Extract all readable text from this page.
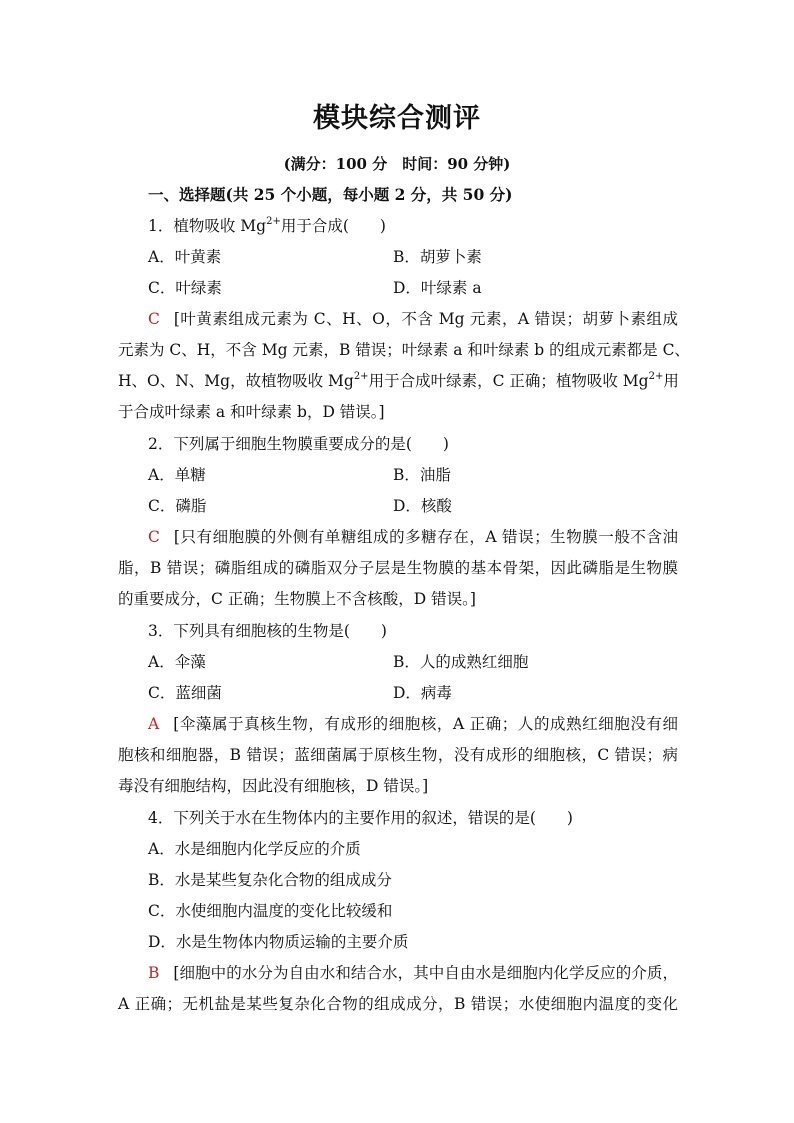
模块综合测评
(满分：100 分　时间：90 分钟)
一、选择题(共 25 个小题，每小题 2 分，共 50 分)
1．植物吸收 $Mg^{2+}$用于合成(　　)
A．叶黄素	B．胡萝卜素
C．叶绿素	D．叶绿素 a
C [叶黄素组成元素为 C、H、O，不含 Mg 元素，A 错误；胡萝卜素组成
元素为 C、H，不含 Mg 元素，B 错误；叶绿素 a 和叶绿素 b 的组成元素都是 C、
H、O、N、Mg，故植物吸收 $Mg^{2+}$用于合成叶绿素，C 正确；植物吸收 $Mg^{2+}$用
于合成叶绿素 a 和叶绿素 b，D 错误。]
2．下列属于细胞生物膜重要成分的是(　　)
A．单糖	B．油脂
C．磷脂	D．核酸
C [只有细胞膜的外侧有单糖组成的多糖存在，A 错误；生物膜一般不含油
脂，B 错误；磷脂组成的磷脂双分子层是生物膜的基本骨架，因此磷脂是生物膜
的重要成分，C 正确；生物膜上不含核酸，D 错误。]
3．下列具有细胞核的生物是(　　)
A．伞藻	B．人的成熟红细胞
C．蓝细菌	D．病毒
A [伞藻属于真核生物，有成形的细胞核，A 正确；人的成熟红细胞没有细
胞核和细胞器，B 错误；蓝细菌属于原核生物，没有成形的细胞核，C 错误；病
毒没有细胞结构，因此没有细胞核，D 错误。]
4．下列关于水在生物体内的主要作用的叙述，错误的是(　　)
A．水是细胞内化学反应的介质
B．水是某些复杂化合物的组成成分
C．水使细胞内温度的变化比较缓和
D．水是生物体内物质运输的主要介质
B [细胞中的水分为自由水和结合水，其中自由水是细胞内化学反应的介质，
A 正确；无机盐是某些复杂化合物的组成成分，B 错误；水使细胞内温度的变化
